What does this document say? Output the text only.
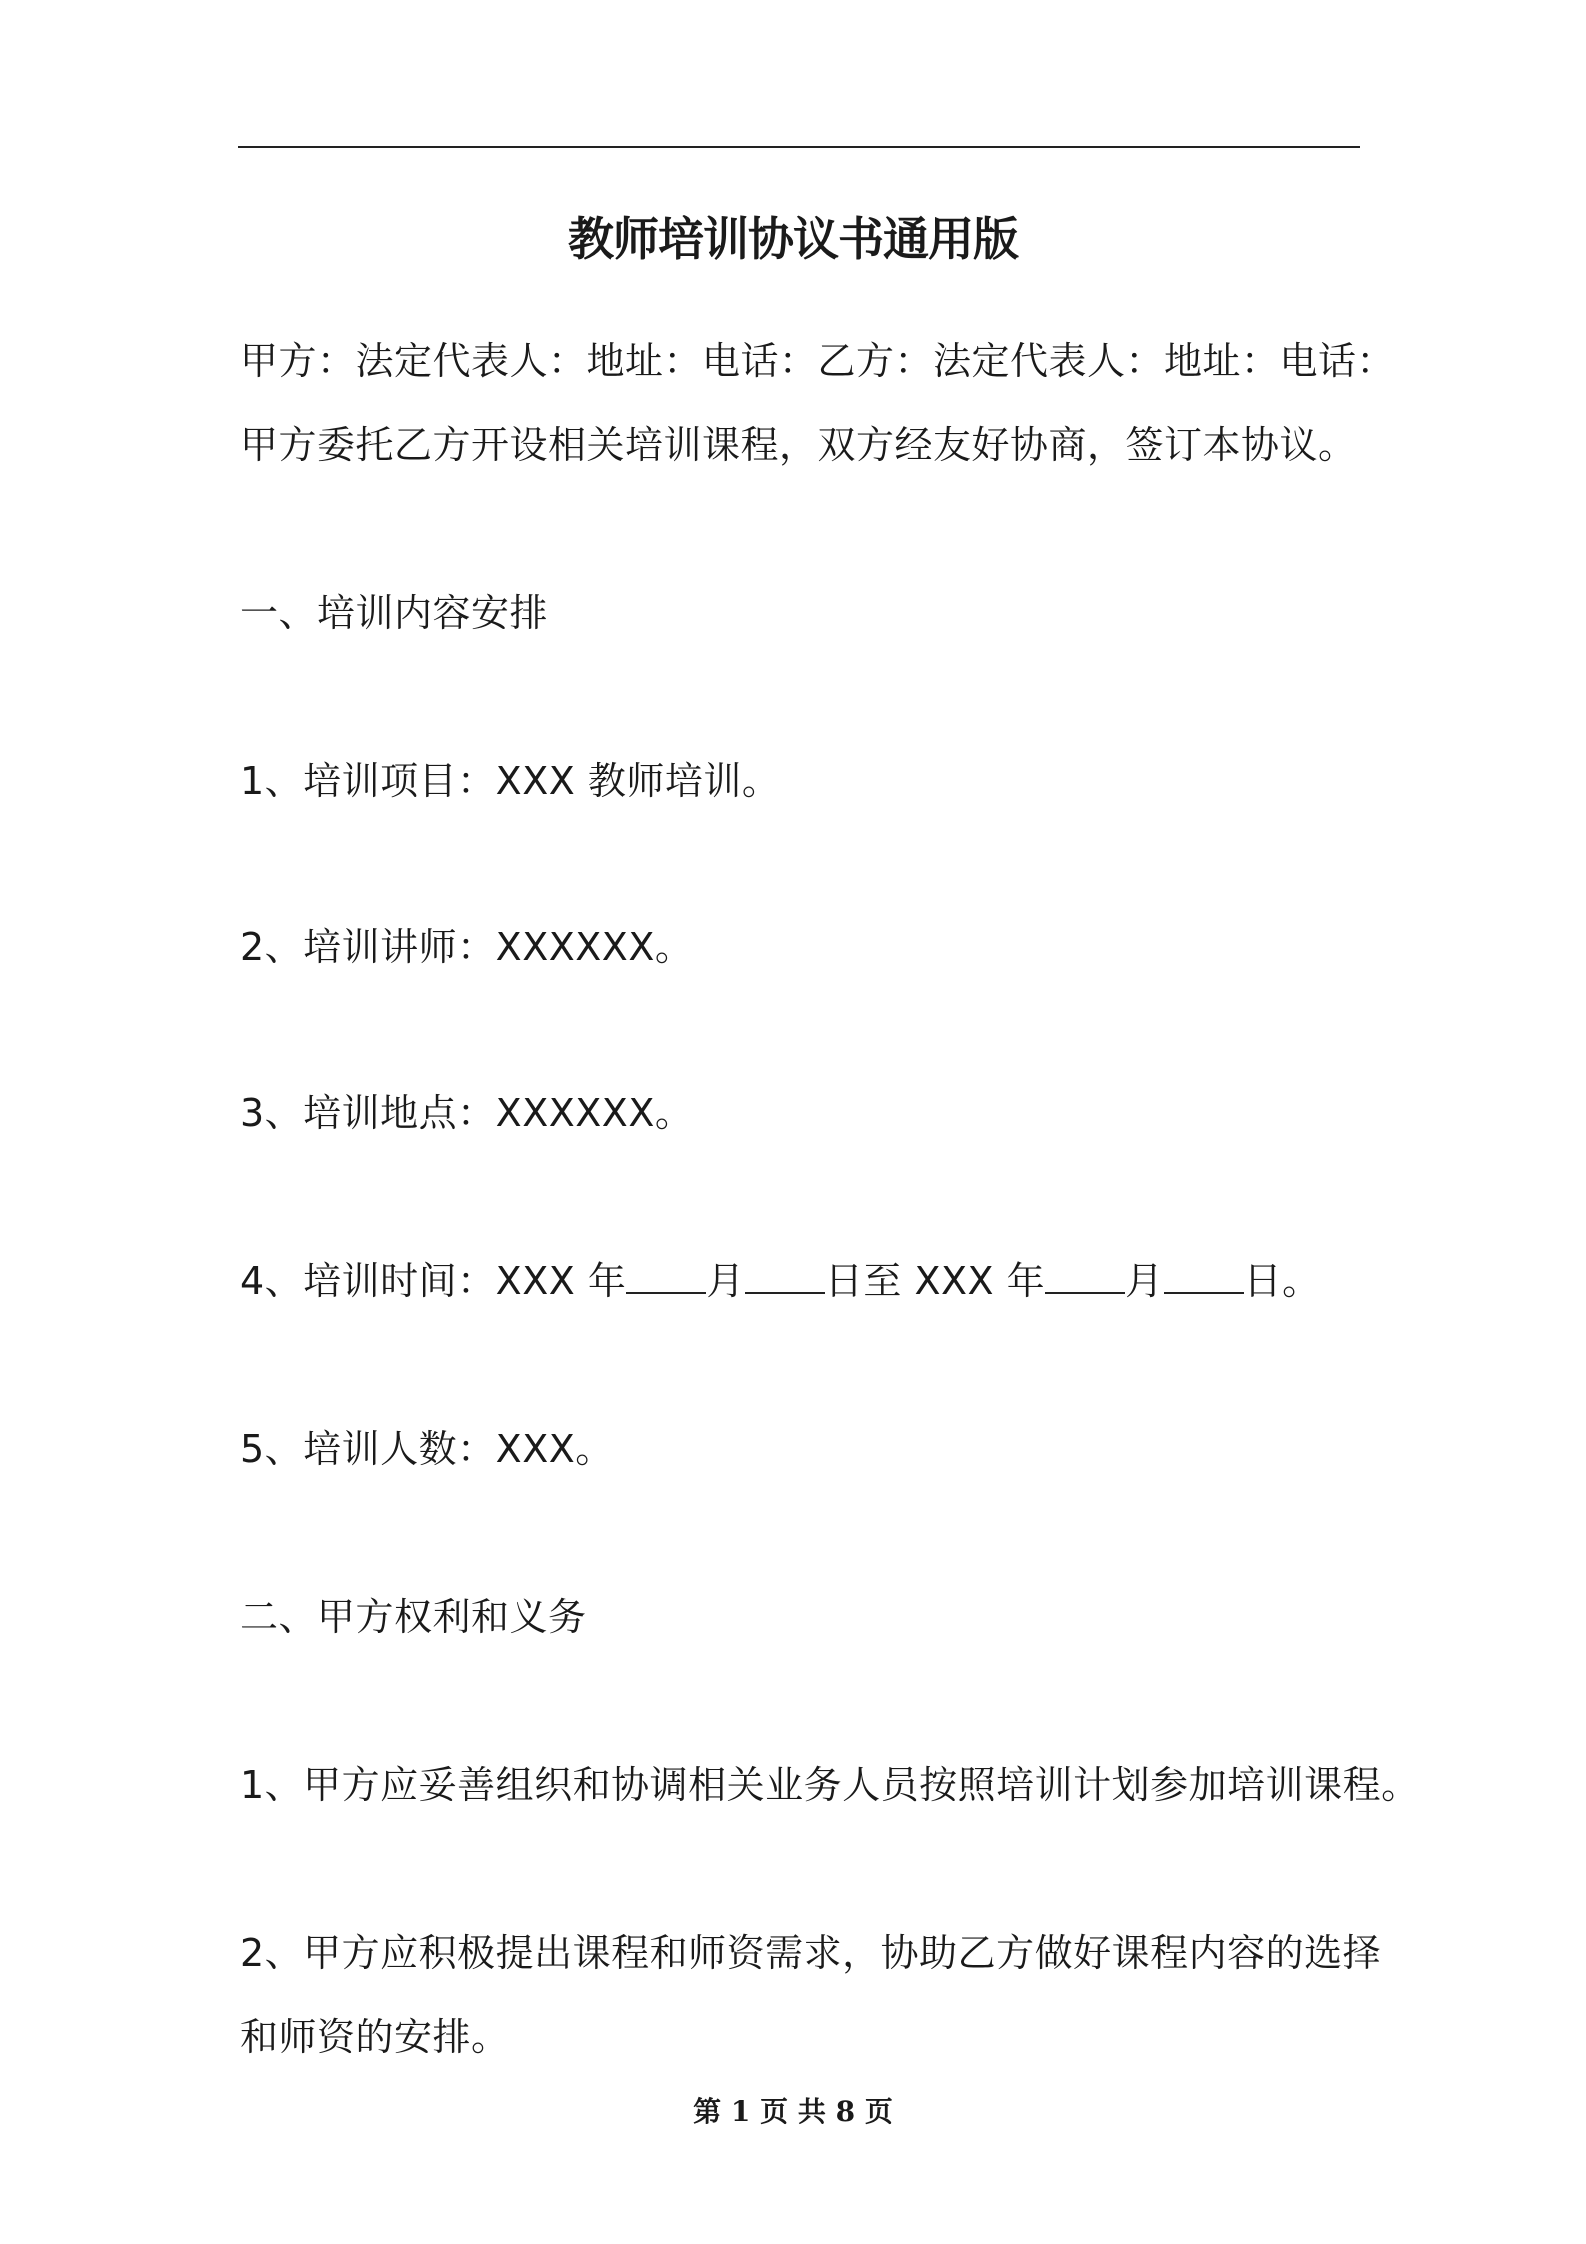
教师培训协议书通用版
甲方：法定代表人：地址：电话：乙方：法定代表人：地址：电话：
甲方委托乙方开设相关培训课程，双方经友好协商，签订本协议。
一、培训内容安排
1、培训项目：XXX 教师培训。
2、培训讲师：XXXXXX。
3、培训地点：XXXXXX。
4、培训时间：XXX 年 月 日至 XXX 年 月 日。
5、培训人数：XXX。
二、甲方权利和义务
1、甲方应妥善组织和协调相关业务人员按照培训计划参加培训课程。
2、甲方应积极提出课程和师资需求，协助乙方做好课程内容的选择
和师资的安排。
第 1 页 共 8 页
